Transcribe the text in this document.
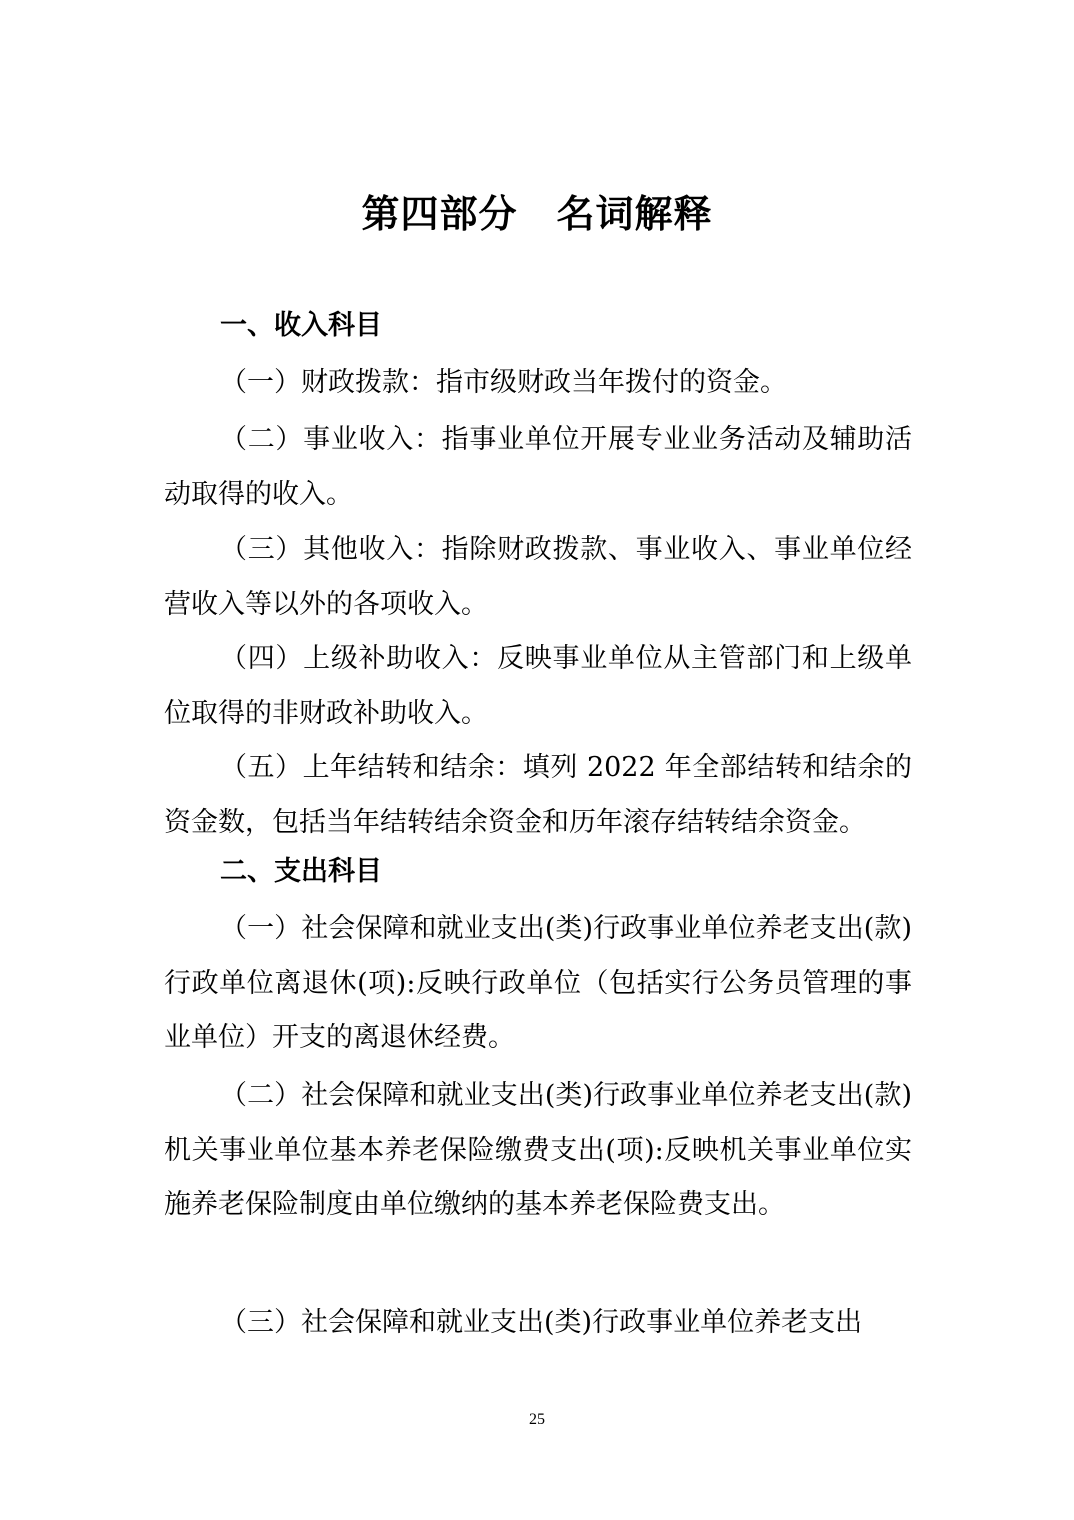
第四部分　名词解释
一、收入科目

（一）财政拨款：指市级财政当年拨付的资金。

（二）事业收入：指事业单位开展专业业务活动及辅助活动取得的收入。

（三）其他收入：指除财政拨款、事业收入、事业单位经营收入等以外的各项收入。

（四）上级补助收入：反映事业单位从主管部门和上级单位取得的非财政补助收入。

（五）上年结转和结余：填列 2022 年全部结转和结余的资金数，包括当年结转结余资金和历年滚存结转结余资金。

二、支出科目

（一）社会保障和就业支出(类)行政事业单位养老支出(款)行政单位离退休(项):反映行政单位（包括实行公务员管理的事业单位）开支的离退休经费。

（二）社会保障和就业支出(类)行政事业单位养老支出(款)机关事业单位基本养老保险缴费支出(项):反映机关事业单位实施养老保险制度由单位缴纳的基本养老保险费支出。

（三）社会保障和就业支出(类)行政事业单位养老支出

25
